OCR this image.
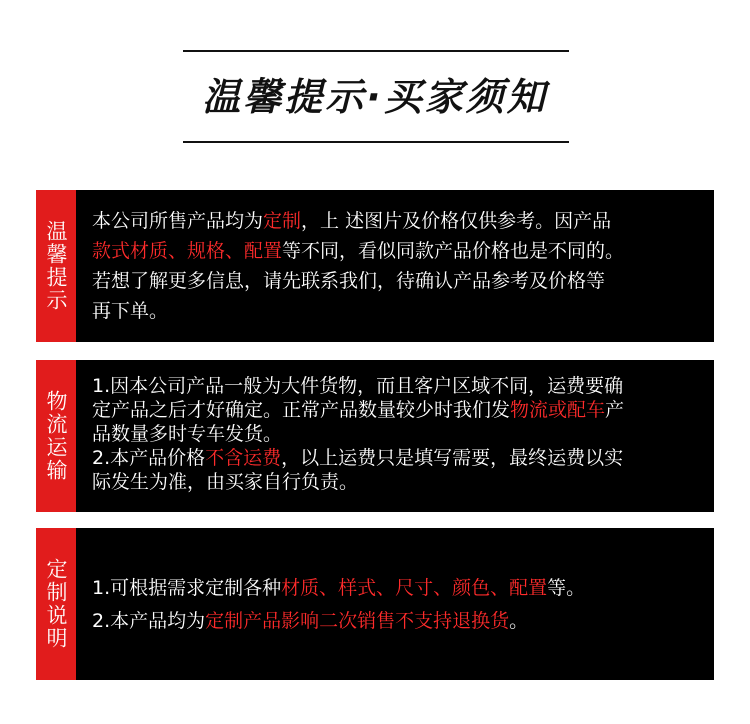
温馨提示·买家须知
温馨提示 本公司所售产品均为定制，上 述图片及价格仅供参考。因产品

款式材质、规格、配置等不同，看似同款产品价格也是不同的。

若想了解更多信息，请先联系我们，待确认产品参考及价格等

再下单。

物流运输

1.因本公司产品一般为大件货物，而且客户区域不同，运费要确

定产品之后才好确定。正常产品数量较少时我们发物流或配车产

品数量多时专车发货。

2.本产品价格不含运费，以上运费只是填写需要，最终运费以实

际发生为准，由买家自行负责。

定制说明 1.可根据需求定制各种材质、样式、尺寸、颜色、配置等。

2.本产品均为定制产品影响二次销售不支持退换货。
